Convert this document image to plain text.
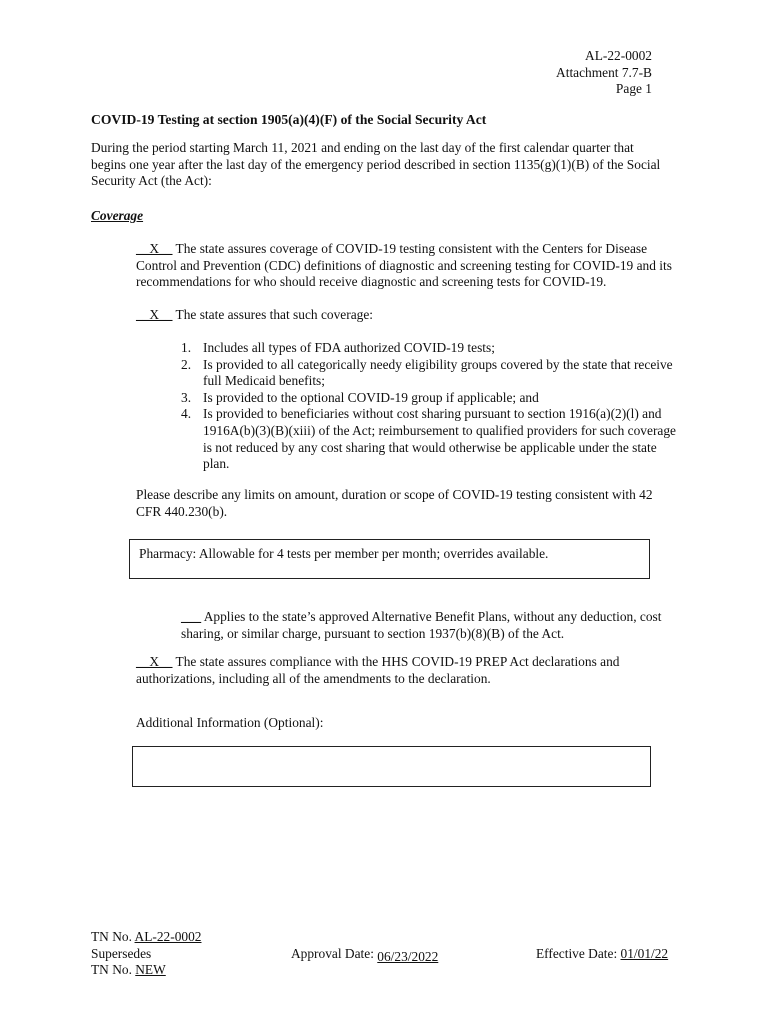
AL-22-0002
Attachment 7.7-B
Page 1
COVID-19 Testing at section 1905(a)(4)(F) of the Social Security Act
During the period starting March 11, 2021 and ending on the last day of the first calendar quarter that begins one year after the last day of the emergency period described in section 1135(g)(1)(B) of the Social Security Act (the Act):
Coverage
__X__ The state assures coverage of COVID-19 testing consistent with the Centers for Disease Control and Prevention (CDC) definitions of diagnostic and screening testing for COVID-19 and its recommendations for who should receive diagnostic and screening tests for COVID-19.
__X__ The state assures that such coverage:
1. Includes all types of FDA authorized COVID-19 tests;
2. Is provided to all categorically needy eligibility groups covered by the state that receive full Medicaid benefits;
3. Is provided to the optional COVID-19 group if applicable; and
4. Is provided to beneficiaries without cost sharing pursuant to section 1916(a)(2)(l) and 1916A(b)(3)(B)(xiii) of the Act; reimbursement to qualified providers for such coverage is not reduced by any cost sharing that would otherwise be applicable under the state plan.
Please describe any limits on amount, duration or scope of COVID-19 testing consistent with 42 CFR 440.230(b).
Pharmacy: Allowable for 4 tests per member per month; overrides available.
___ Applies to the state’s approved Alternative Benefit Plans, without any deduction, cost sharing, or similar charge, pursuant to section 1937(b)(8)(B) of the Act.
__X__ The state assures compliance with the HHS COVID-19 PREP Act declarations and authorizations, including all of the amendments to the declaration.
Additional Information (Optional):
TN No. AL-22-0002
Supersedes
TN No. NEW
Approval Date: 06/23/2022	Effective Date: 01/01/22
